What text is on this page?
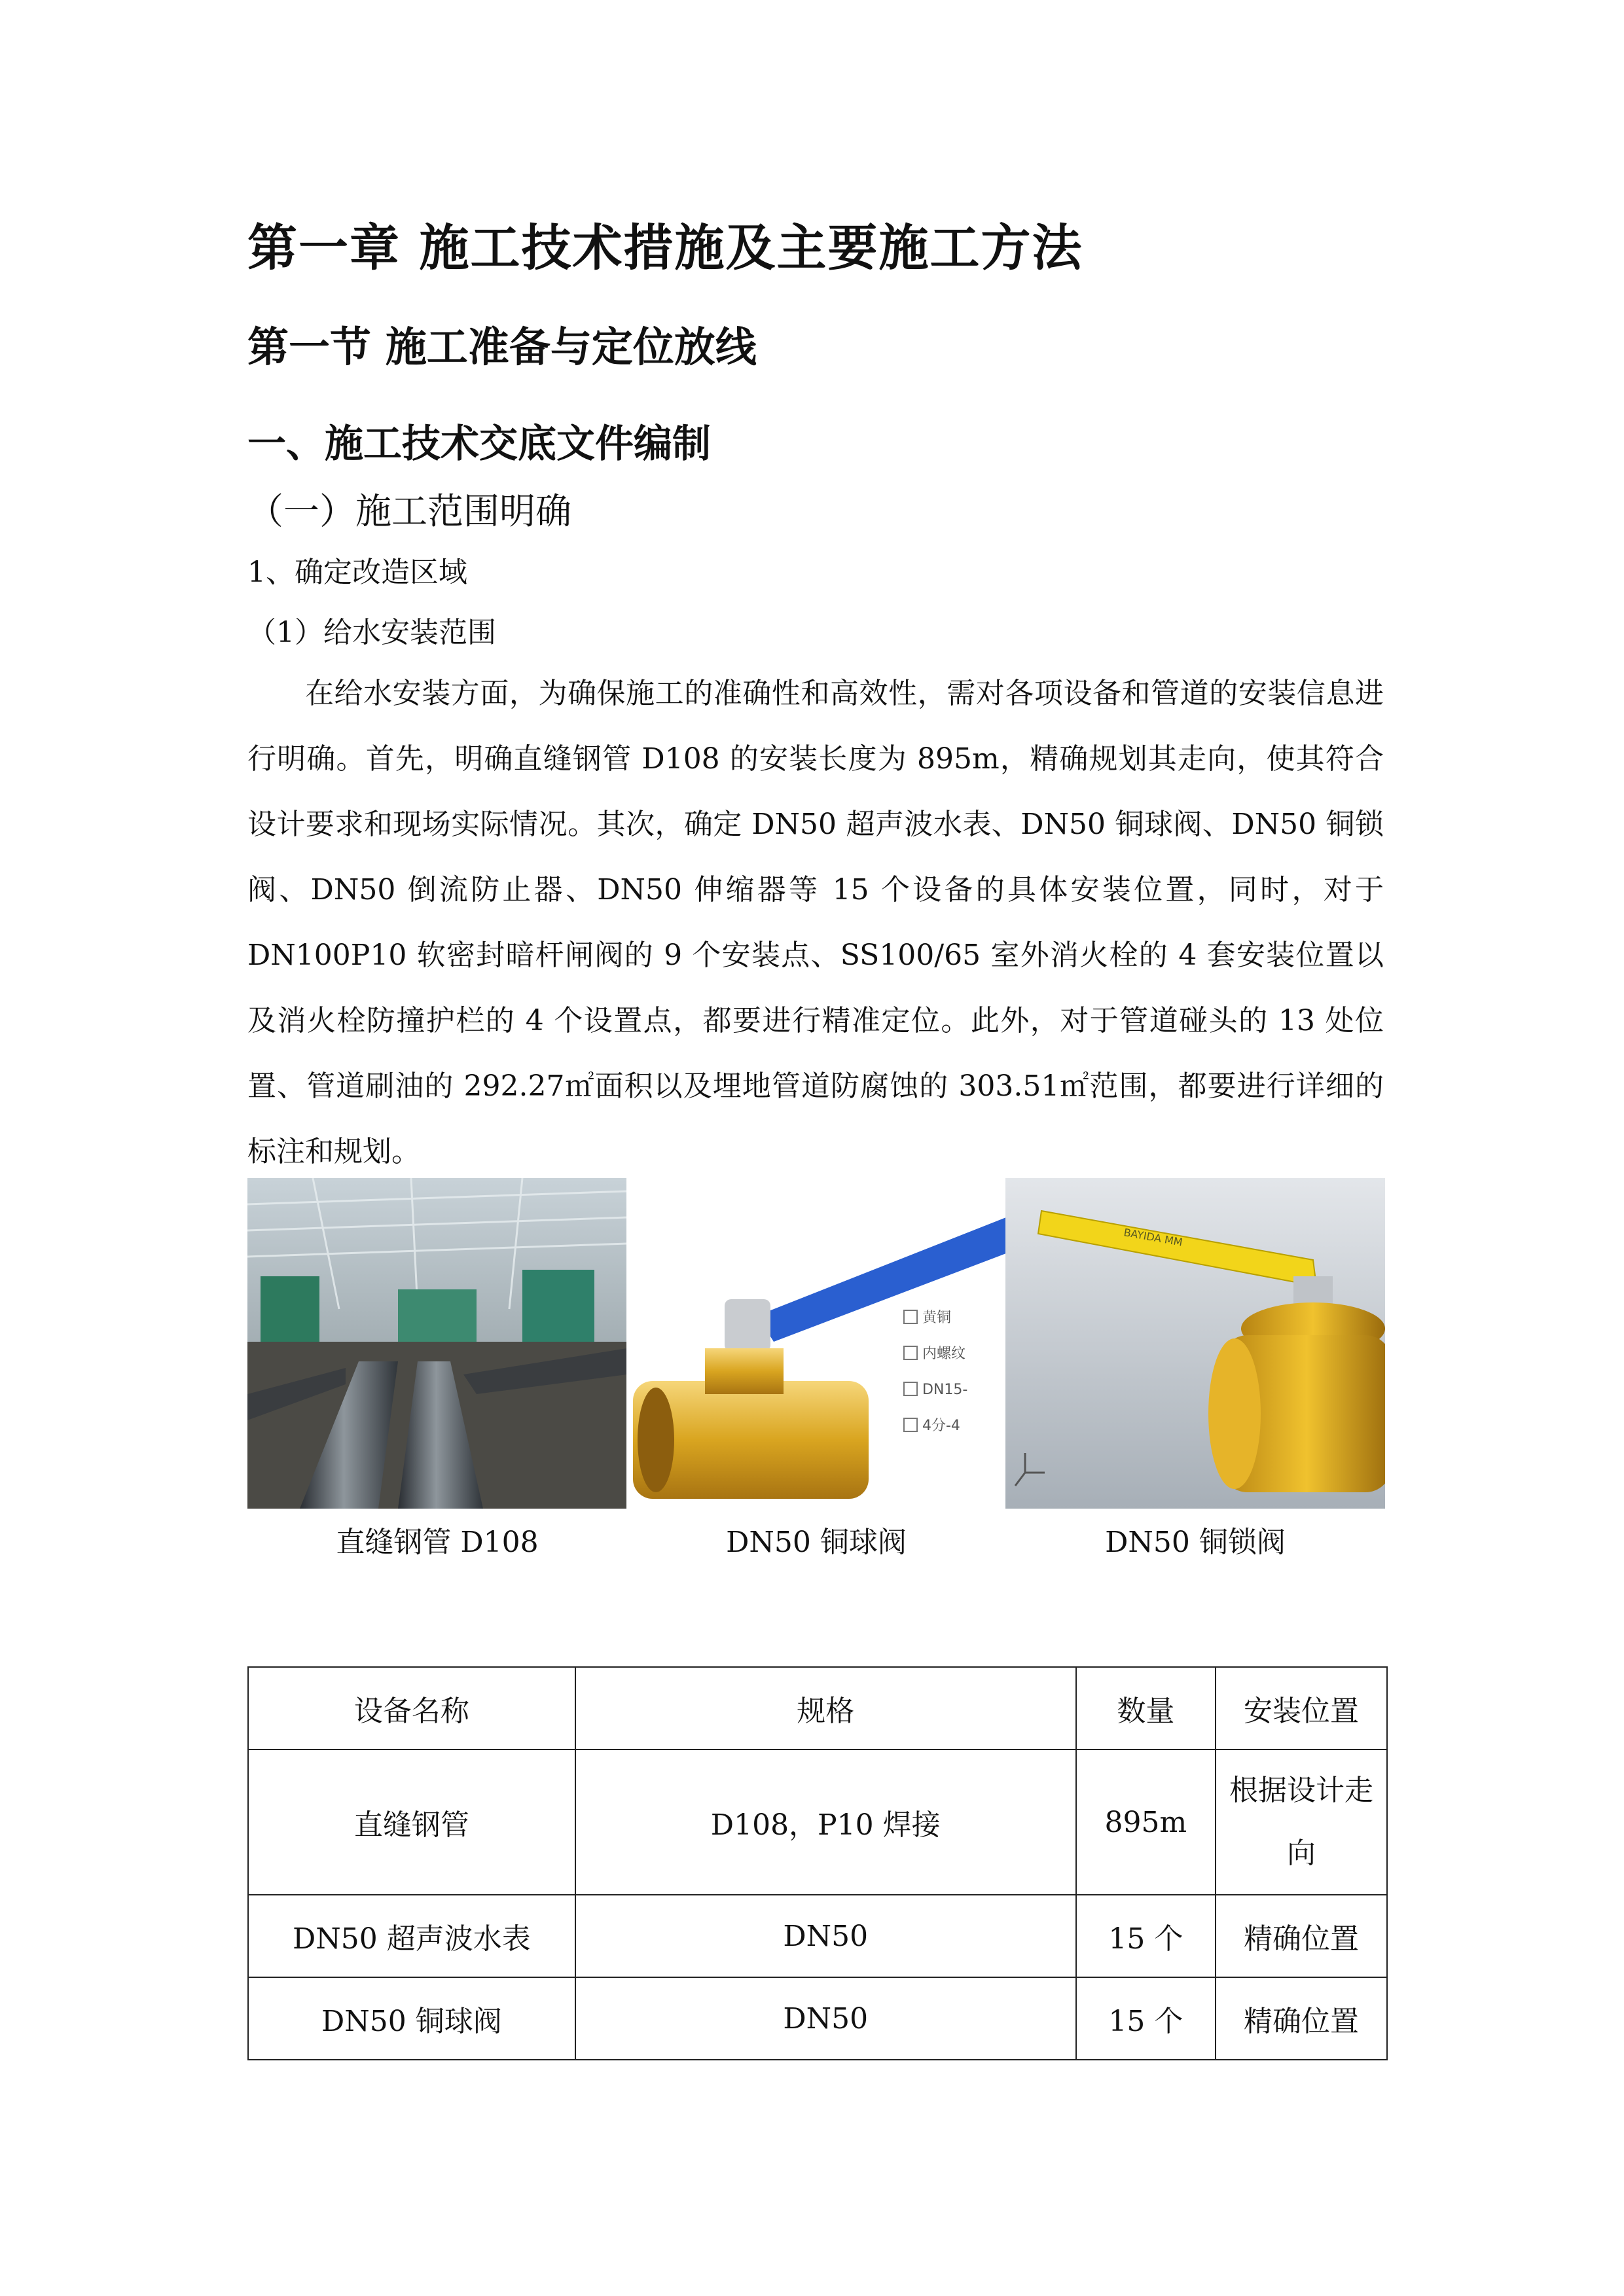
第一章 施工技术措施及主要施工方法
第一节 施工准备与定位放线
一、施工技术交底文件编制
（一）施工范围明确
1、确定改造区域
（1）给水安装范围
在给水安装方面，为确保施工的准确性和高效性，需对各项设备和管道的安装信息进行明确。首先，明确直缝钢管 D108 的安装长度为 895m，精确规划其走向，使其符合设计要求和现场实际情况。其次，确定 DN50 超声波水表、DN50 铜球阀、DN50 铜锁阀、DN50 倒流防止器、DN50 伸缩器等 15 个设备的具体安装位置，同时，对于 DN100P10 软密封暗杆闸阀的 9 个安装点、SS100/65 室外消火栓的 4 套安装位置以及消火栓防撞护栏的 4 个设置点，都要进行精准定位。此外，对于管道碰头的 13 处位置、管道刷油的 292.27㎡面积以及埋地管道防腐蚀的 303.51㎡范围，都要进行详细的标注和规划。
黄铜
内螺纹
DN15-
4分-4
BAYIDA MM
直缝钢管 D108	DN50 铜球阀	DN50 铜锁阀
设备名称	规格	数量	安装位置
直缝钢管	D108，P10 焊接	895m	根据设计走向
DN50 超声波水表	DN50	15 个	精确位置
DN50 铜球阀	DN50	15 个	精确位置
